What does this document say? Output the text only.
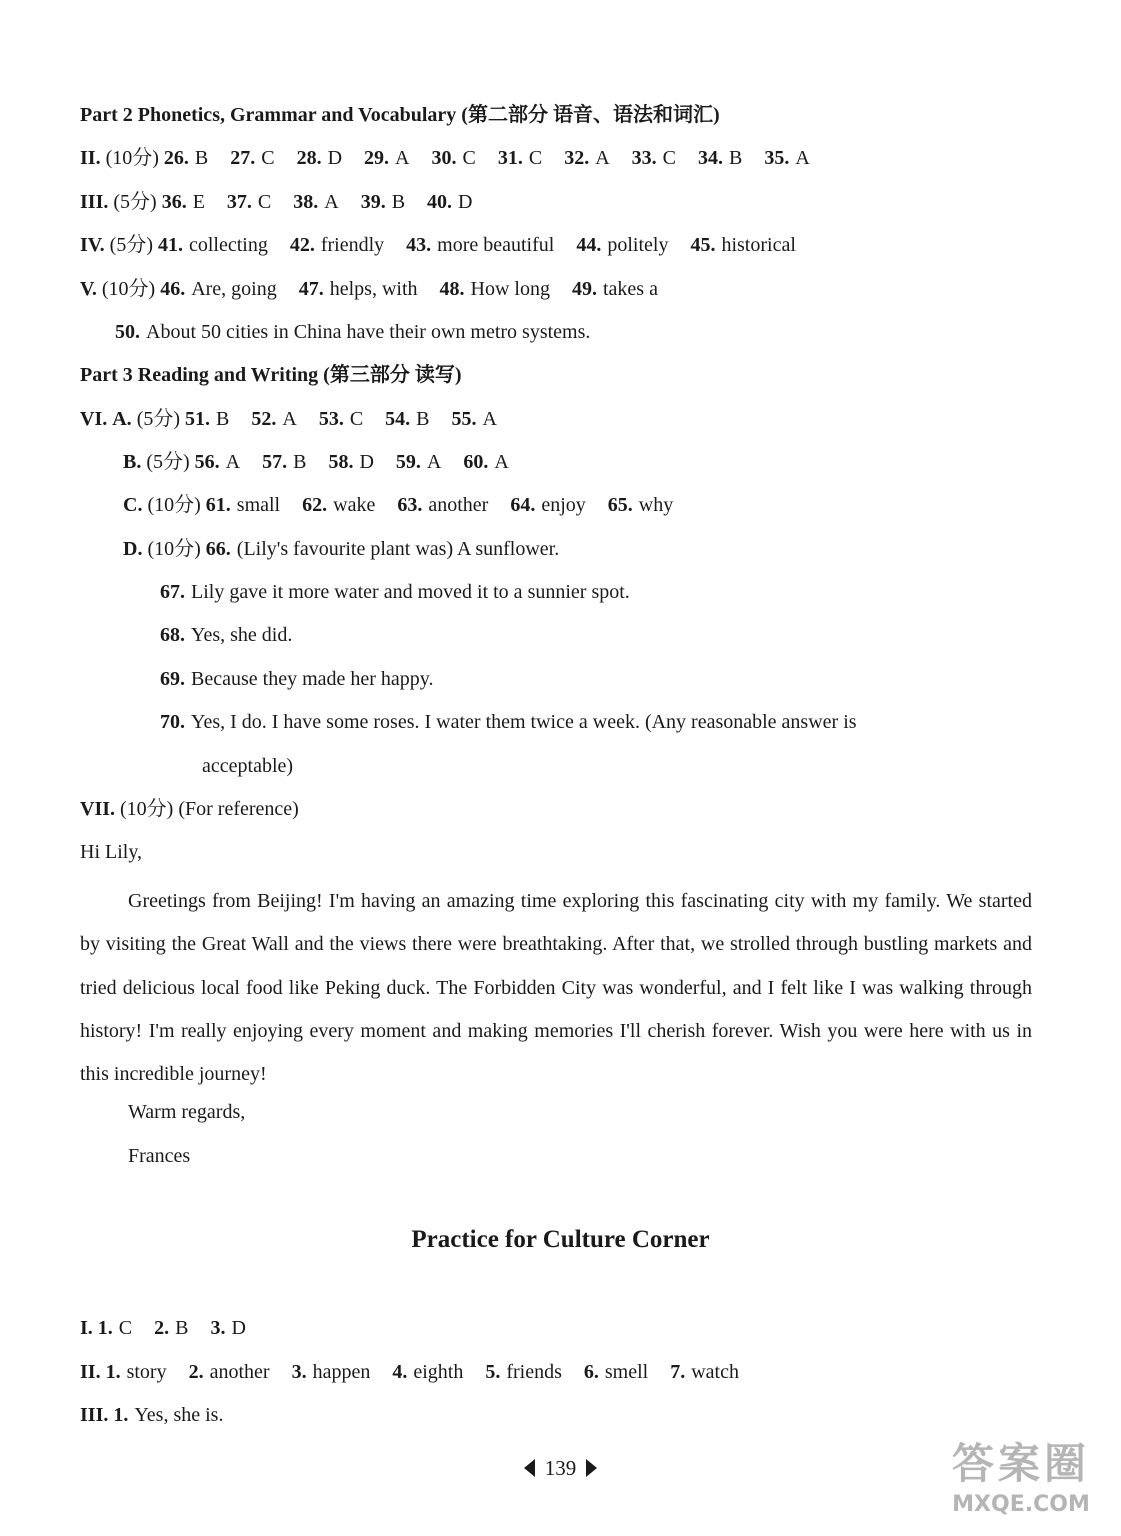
Part 2 Phonetics, Grammar and Vocabulary (第二部分 语音、语法和词汇)
II. (10分) 26. B 27. C 28. D 29. A 30. C 31. C 32. A 33. C 34. B 35. A
III. (5分) 36. E 37. C 38. A 39. B 40. D
IV. (5分) 41. collecting 42. friendly 43. more beautiful 44. politely 45. historical
V. (10分) 46. Are, going 47. helps, with 48. How long 49. takes a
50. About 50 cities in China have their own metro systems.
Part 3 Reading and Writing (第三部分 读写)
VI. A. (5分) 51. B 52. A 53. C 54. B 55. A
B. (5分) 56. A 57. B 58. D 59. A 60. A
C. (10分) 61. small 62. wake 63. another 64. enjoy 65. why
D. (10分) 66. (Lily's favourite plant was) A sunflower.
67. Lily gave it more water and moved it to a sunnier spot.
68. Yes, she did.
69. Because they made her happy.
70. Yes, I do. I have some roses. I water them twice a week. (Any reasonable answer is
acceptable)
VII. (10分) (For reference)
Hi Lily,
Greetings from Beijing! I'm having an amazing time exploring this fascinating city with my family. We started by visiting the Great Wall and the views there were breathtaking. After that, we strolled through bustling markets and tried delicious local food like Peking duck. The Forbidden City was wonderful, and I felt like I was walking through history! I'm really enjoying every moment and making memories I'll cherish forever. Wish you were here with us in this incredible journey!
Warm regards,
Frances
Practice for Culture Corner
I. 1. C 2. B 3. D
II. 1. story 2. another 3. happen 4. eighth 5. friends 6. smell 7. watch
III. 1. Yes, she is.
139	答案圈
MXQE.COM
